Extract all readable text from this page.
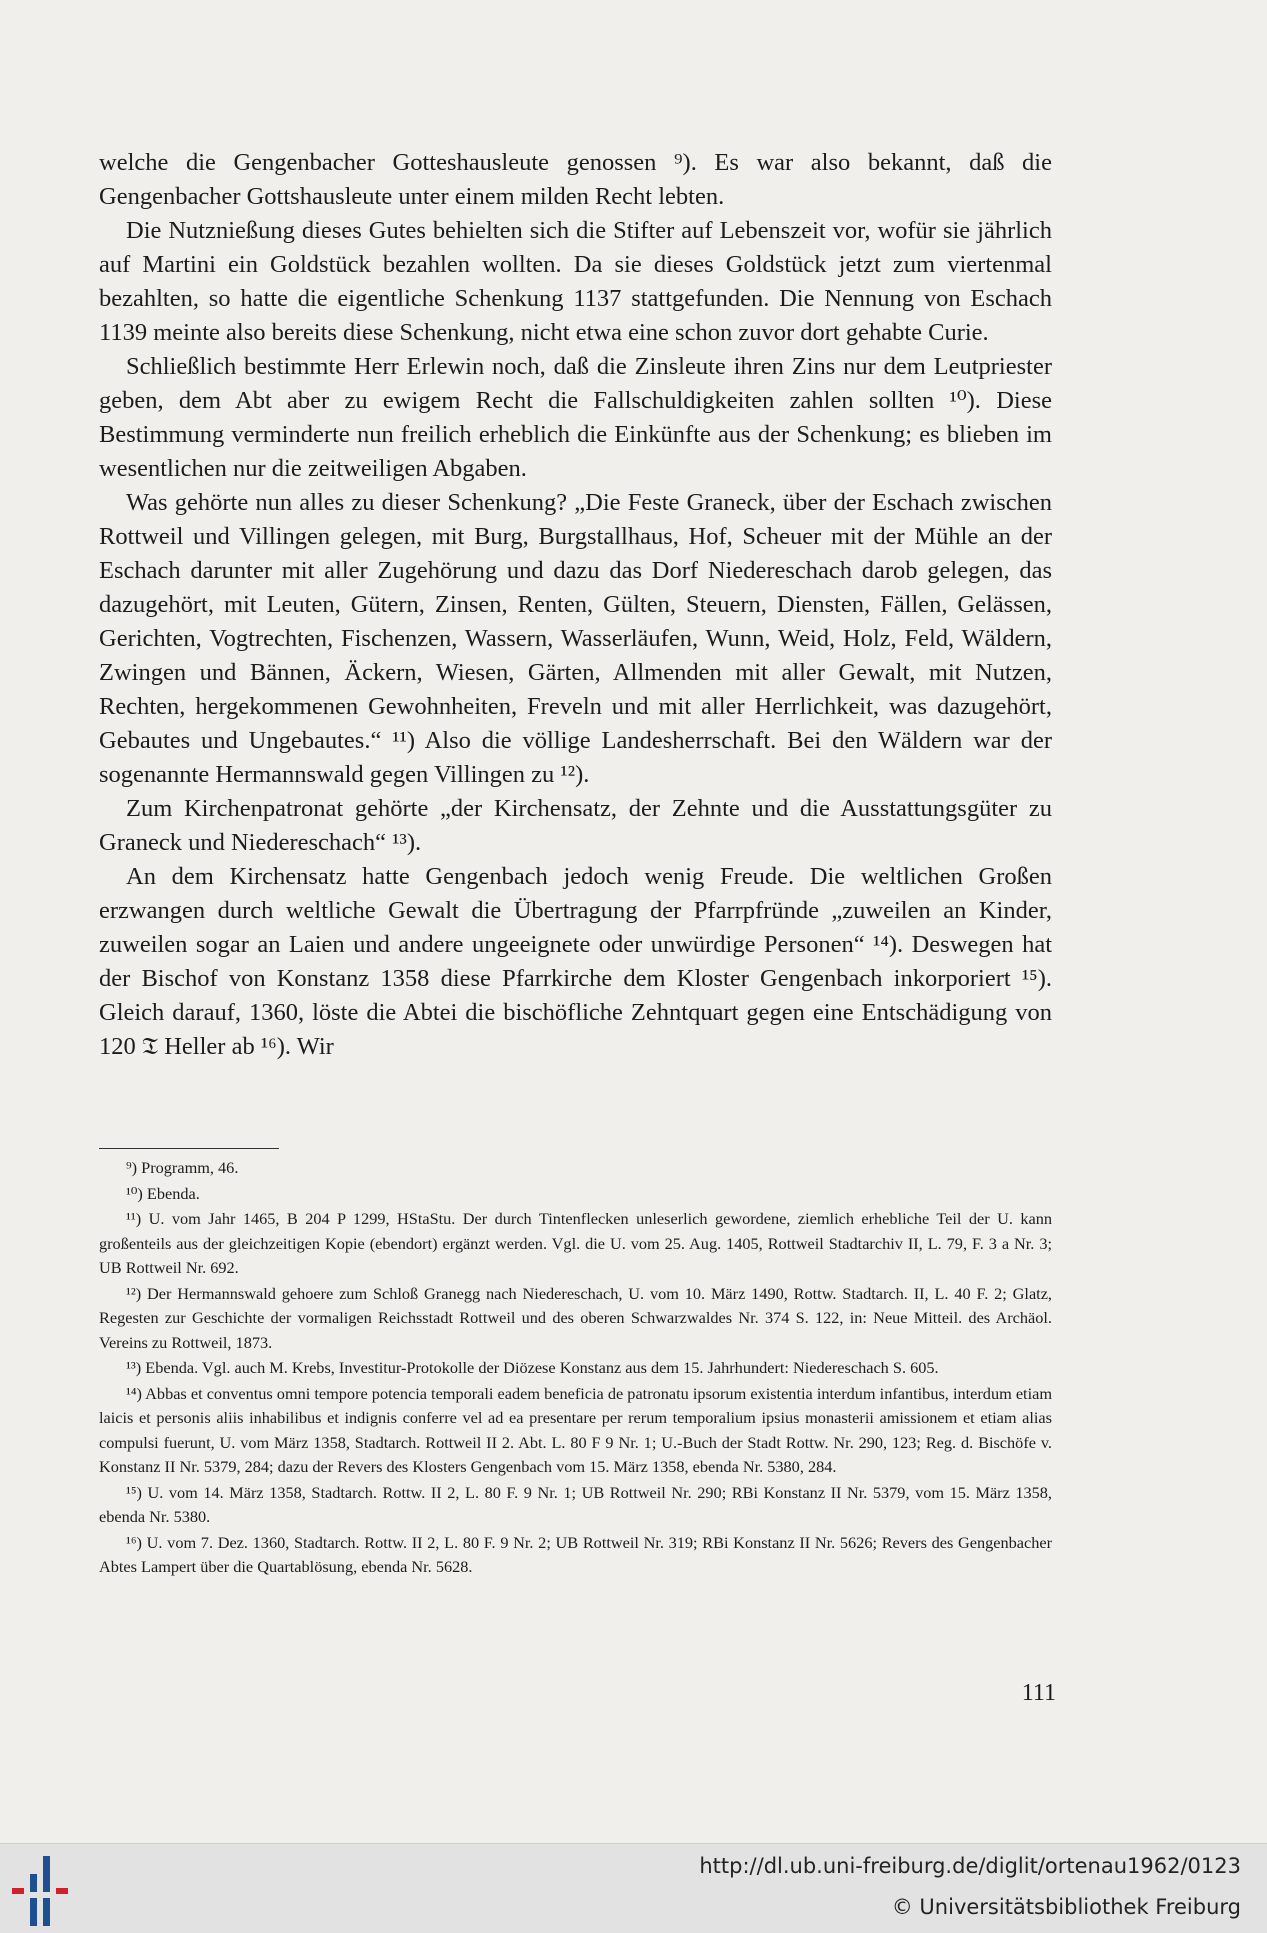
welche die Gengenbacher Gotteshausleute genossen ⁹). Es war also bekannt, daß die Gengenbacher Gottshausleute unter einem milden Recht lebten.

Die Nutznießung dieses Gutes behielten sich die Stifter auf Lebenszeit vor, wofür sie jährlich auf Martini ein Goldstück bezahlen wollten. Da sie dieses Goldstück jetzt zum viertenmal bezahlten, so hatte die eigentliche Schenkung 1137 stattgefunden. Die Nennung von Eschach 1139 meinte also bereits diese Schenkung, nicht etwa eine schon zuvor dort gehabte Curie.

Schließlich bestimmte Herr Erlewin noch, daß die Zinsleute ihren Zins nur dem Leutpriester geben, dem Abt aber zu ewigem Recht die Fallschuldigkeiten zahlen sollten ¹⁰). Diese Bestimmung verminderte nun freilich erheblich die Einkünfte aus der Schenkung; es blieben im wesentlichen nur die zeitweiligen Abgaben.

Was gehörte nun alles zu dieser Schenkung? „Die Feste Graneck, über der Eschach zwischen Rottweil und Villingen gelegen, mit Burg, Burgstallhaus, Hof, Scheuer mit der Mühle an der Eschach darunter mit aller Zugehörung und dazu das Dorf Niedereschach darob gelegen, das dazugehört, mit Leuten, Gütern, Zinsen, Renten, Gülten, Steuern, Diensten, Fällen, Gelässen, Gerichten, Vogtrechten, Fischenzen, Wassern, Wasserläufen, Wunn, Weid, Holz, Feld, Wäldern, Zwingen und Bännen, Äckern, Wiesen, Gärten, Allmenden mit aller Gewalt, mit Nutzen, Rechten, hergekommenen Gewohnheiten, Freveln und mit aller Herrlichkeit, was dazugehört, Gebautes und Ungebautes.“ ¹¹) Also die völlige Landesherrschaft. Bei den Wäldern war der sogenannte Hermannswald gegen Villingen zu ¹²).

Zum Kirchenpatronat gehörte „der Kirchensatz, der Zehnte und die Ausstattungsgüter zu Graneck und Niedereschach“ ¹³).

An dem Kirchensatz hatte Gengenbach jedoch wenig Freude. Die weltlichen Großen erzwangen durch weltliche Gewalt die Übertragung der Pfarrpfründe „zuweilen an Kinder, zuweilen sogar an Laien und andere ungeeignete oder unwürdige Personen“ ¹⁴). Deswegen hat der Bischof von Konstanz 1358 diese Pfarrkirche dem Kloster Gengenbach inkorporiert ¹⁵). Gleich darauf, 1360, löste die Abtei die bischöfliche Zehntquart gegen eine Entschädigung von 120 𝔗 Heller ab ¹⁶). Wir

⁹) Programm, 46.

¹⁰) Ebenda.

¹¹) U. vom Jahr 1465, B 204 P 1299, HStaStu. Der durch Tintenflecken unleserlich gewordene, ziemlich erhebliche Teil der U. kann großenteils aus der gleichzeitigen Kopie (ebendort) ergänzt werden. Vgl. die U. vom 25. Aug. 1405, Rottweil Stadtarchiv II, L. 79, F. 3 a Nr. 3; UB Rottweil Nr. 692.

¹²) Der Hermannswald gehoere zum Schloß Granegg nach Niedereschach, U. vom 10. März 1490, Rottw. Stadtarch. II, L. 40 F. 2; Glatz, Regesten zur Geschichte der vormaligen Reichsstadt Rottweil und des oberen Schwarzwaldes Nr. 374 S. 122, in: Neue Mitteil. des Archäol. Vereins zu Rottweil, 1873.

¹³) Ebenda. Vgl. auch M. Krebs, Investitur-Protokolle der Diözese Konstanz aus dem 15. Jahrhundert: Niedereschach S. 605.

¹⁴) Abbas et conventus omni tempore potencia temporali eadem beneficia de patronatu ipsorum existentia interdum infantibus, interdum etiam laicis et personis aliis inhabilibus et indignis conferre vel ad ea presentare per rerum temporalium ipsius monasterii amissionem et etiam alias compulsi fuerunt, U. vom März 1358, Stadtarch. Rottweil II 2. Abt. L. 80 F 9 Nr. 1; U.-Buch der Stadt Rottw. Nr. 290, 123; Reg. d. Bischöfe v. Konstanz II Nr. 5379, 284; dazu der Revers des Klosters Gengenbach vom 15. März 1358, ebenda Nr. 5380, 284.

¹⁵) U. vom 14. März 1358, Stadtarch. Rottw. II 2, L. 80 F. 9 Nr. 1; UB Rottweil Nr. 290; RBi Konstanz II Nr. 5379, vom 15. März 1358, ebenda Nr. 5380.

¹⁶) U. vom 7. Dez. 1360, Stadtarch. Rottw. II 2, L. 80 F. 9 Nr. 2; UB Rottweil Nr. 319; RBi Konstanz II Nr. 5626; Revers des Gengenbacher Abtes Lampert über die Quartablösung, ebenda Nr. 5628.

111
http://dl.ub.uni-freiburg.de/diglit/ortenau1962/0123
© Universitätsbibliothek Freiburg
